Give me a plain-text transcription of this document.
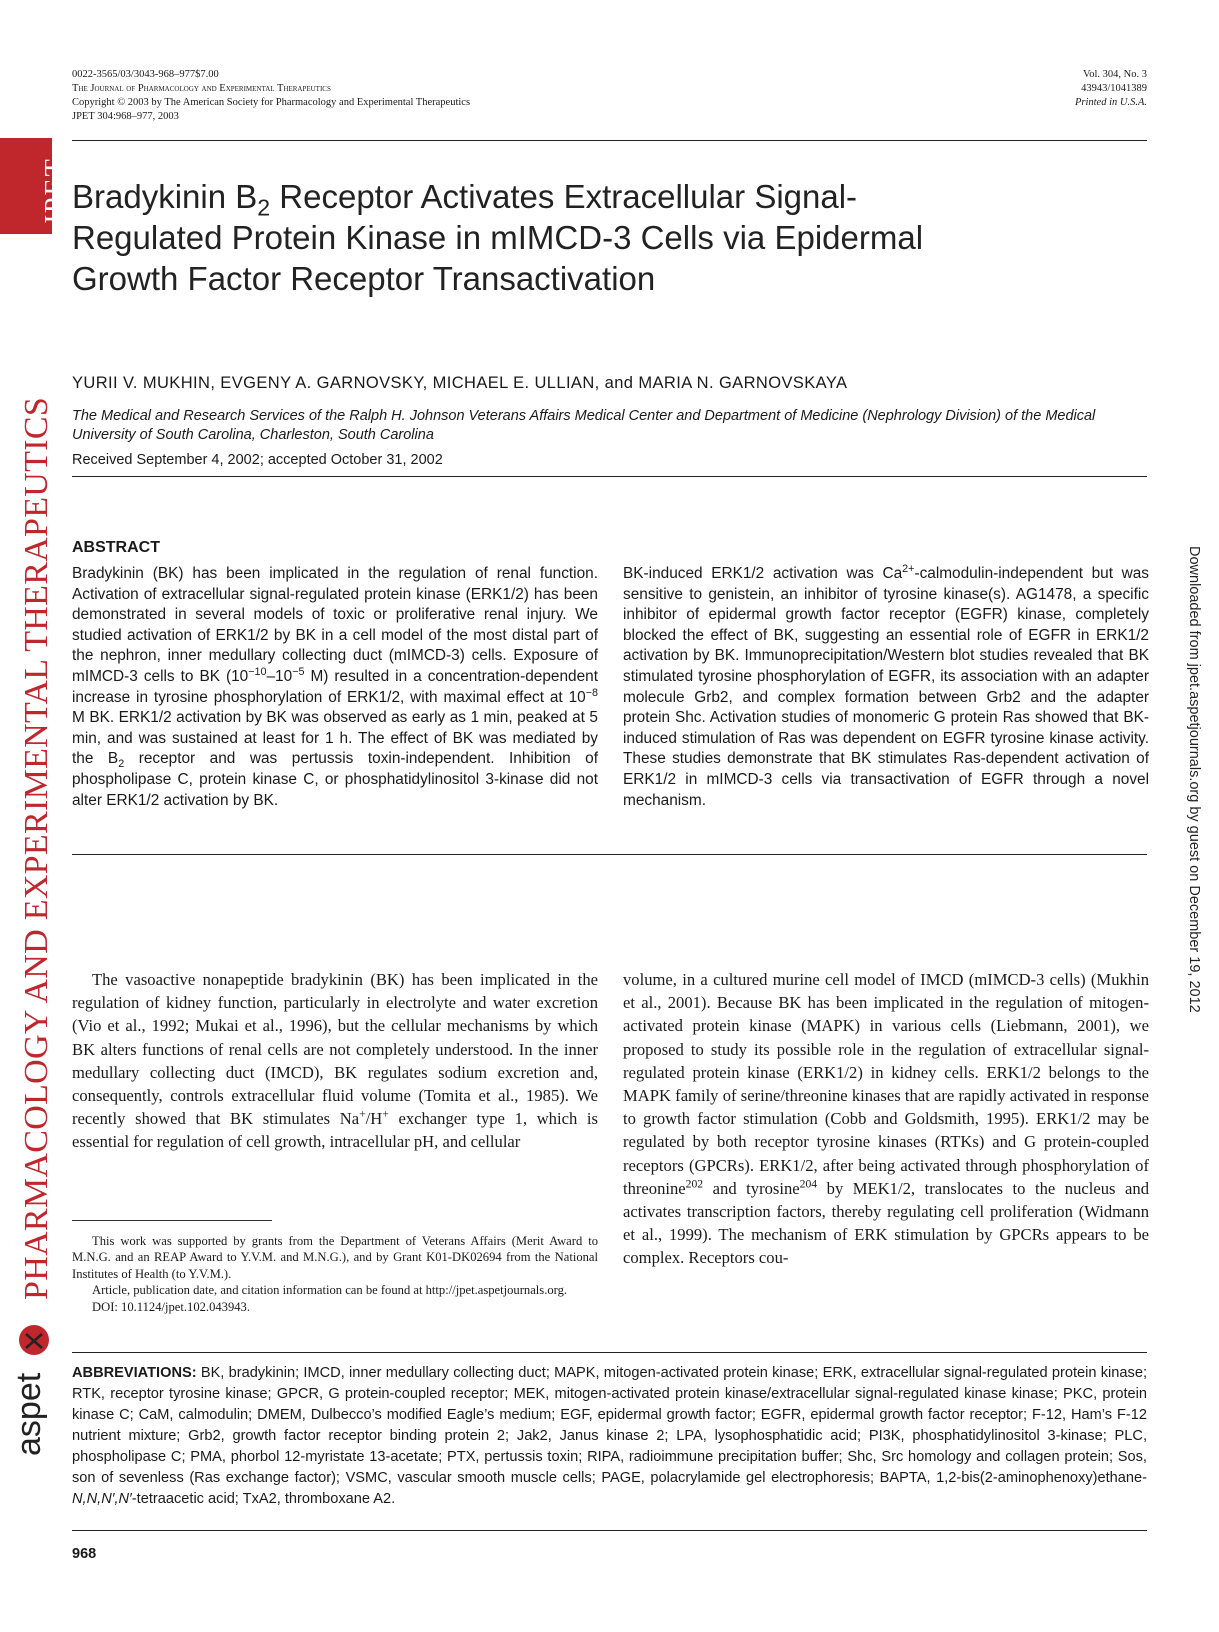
JPET
PHARMACOLOGY AND EXPERIMENTAL THERAPEUTICS
aspet
0022-3565/03/3043-968–977$7.00
The Journal of Pharmacology and Experimental Therapeutics
Copyright © 2003 by The American Society for Pharmacology and Experimental Therapeutics
JPET 304:968–977, 2003
Vol. 304, No. 3
43943/1041389
Printed in U.S.A.
Bradykinin $B_2$ Receptor Activates Extracellular Signal-
Regulated Protein Kinase in mIMCD-3 Cells via Epidermal
Growth Factor Receptor Transactivation
YURII V. MUKHIN, EVGENY A. GARNOVSKY, MICHAEL E. ULLIAN, and MARIA N. GARNOVSKAYA
The Medical and Research Services of the Ralph H. Johnson Veterans Affairs Medical Center and Department of Medicine (Nephrology Division) of the Medical University of South Carolina, Charleston, South Carolina
Received September 4, 2002; accepted October 31, 2002
ABSTRACT
Bradykinin (BK) has been implicated in the regulation of renal function. Activation of extracellular signal-regulated protein kinase (ERK1/2) has been demonstrated in several models of toxic or proliferative renal injury. We studied activation of ERK1/2 by BK in a cell model of the most distal part of the nephron, inner medullary collecting duct (mIMCD-3) cells. Exposure of mIMCD-3 cells to BK ($10^{-10}-10^{-5}$ M) resulted in a concentration-dependent increase in tyrosine phosphorylation of ERK1/2, with maximal effect at $10^{-8}$ M BK. ERK1/2 activation by BK was observed as early as 1 min, peaked at 5 min, and was sustained at least for 1 h. The effect of BK was mediated by the $B_2$ receptor and was pertussis toxin-independent. Inhibition of phospholipase C, protein kinase C, or phosphatidylinositol 3-kinase did not alter ERK1/2 activation by BK.
BK-induced ERK1/2 activation was $Ca^{2+}-calmodulin$-independent but was sensitive to genistein, an inhibitor of tyrosine kinase(s). AG1478, a specific inhibitor of epidermal growth factor receptor (EGFR) kinase, completely blocked the effect of BK, suggesting an essential role of EGFR in ERK1/2 activation by BK. Immunoprecipitation/Western blot studies revealed that BK stimulated tyrosine phosphorylation of EGFR, its association with an adapter molecule Grb2, and complex formation between Grb2 and the adapter protein Shc. Activation studies of monomeric G protein Ras showed that BK-induced stimulation of Ras was dependent on EGFR tyrosine kinase activity. These studies demonstrate that BK stimulates Ras-dependent activation of ERK1/2 in mIMCD-3 cells via transactivation of EGFR through a novel mechanism.

The vasoactive nonapeptide bradykinin (BK) has been implicated in the regulation of kidney function, particularly in electrolyte and water excretion (Vio et al., 1992; Mukai et al., 1996), but the cellular mechanisms by which BK alters functions of renal cells are not completely understood. In the inner medullary collecting duct (IMCD), BK regulates sodium excretion and, consequently, controls extracellular fluid volume (Tomita et al., 1985). We recently showed that BK stimulates Na+/H+ exchanger type 1, which is essential for regulation of cell growth, intracellular pH, and cellular

volume, in a cultured murine cell model of IMCD (mIMCD-3 cells) (Mukhin et al., 2001). Because BK has been implicated in the regulation of mitogen-activated protein kinase (MAPK) in various cells (Liebmann, 2001), we proposed to study its possible role in the regulation of extracellular signal-regulated protein kinase (ERK1/2) in kidney cells. ERK1/2 belongs to the MAPK family of serine/threonine kinases that are rapidly activated in response to growth factor stimulation (Cobb and Goldsmith, 1995). ERK1/2 may be regulated by both receptor tyrosine kinases (RTKs) and G protein-coupled receptors (GPCRs). ERK1/2, after being activated through phosphorylation of threonine$^{202}$ and tyrosine$^{204}$ by MEK1/2, translocates to the nucleus and activates transcription factors, thereby regulating cell proliferation (Widmann et al., 1999). The mechanism of ERK stimulation by GPCRs appears to be complex. Receptors cou-

This work was supported by grants from the Department of Veterans Affairs (Merit Award to M.N.G. and an REAP Award to Y.V.M. and M.N.G.), and by Grant K01-DK02694 from the National Institutes of Health (to Y.V.M.).

Article, publication date, and citation information can be found at http://jpet.aspetjournals.org.

DOI: 10.1124/jpet.102.043943.

ABBREVIATIONS: BK, bradykinin; IMCD, inner medullary collecting duct; MAPK, mitogen-activated protein kinase; ERK, extracellular signal-regulated protein kinase; RTK, receptor tyrosine kinase; GPCR, G protein-coupled receptor; MEK, mitogen-activated protein kinase/extracellular signal-regulated kinase kinase; PKC, protein kinase C; CaM, calmodulin; DMEM, Dulbecco’s modified Eagle’s medium; EGF, epidermal growth factor; EGFR, epidermal growth factor receptor; F-12, Ham’s F-12 nutrient mixture; Grb2, growth factor receptor binding protein 2; Jak2, Janus kinase 2; LPA, lysophosphatidic acid; PI3K, phosphatidylinositol 3-kinase; PLC, phospholipase C; PMA, phorbol 12-myristate 13-acetate; PTX, pertussis toxin; RIPA, radioimmune precipitation buffer; Shc, Src homology and collagen protein; Sos, son of sevenless (Ras exchange factor); VSMC, vascular smooth muscle cells; PAGE, polacrylamide gel electrophoresis; BAPTA, 1,2-bis(2-aminophenoxy)ethane-N,N,N′,N′-tetraacetic acid; TxA2, thromboxane A2.
968
Downloaded from jpet.aspetjournals.org by guest on December 19, 2012
